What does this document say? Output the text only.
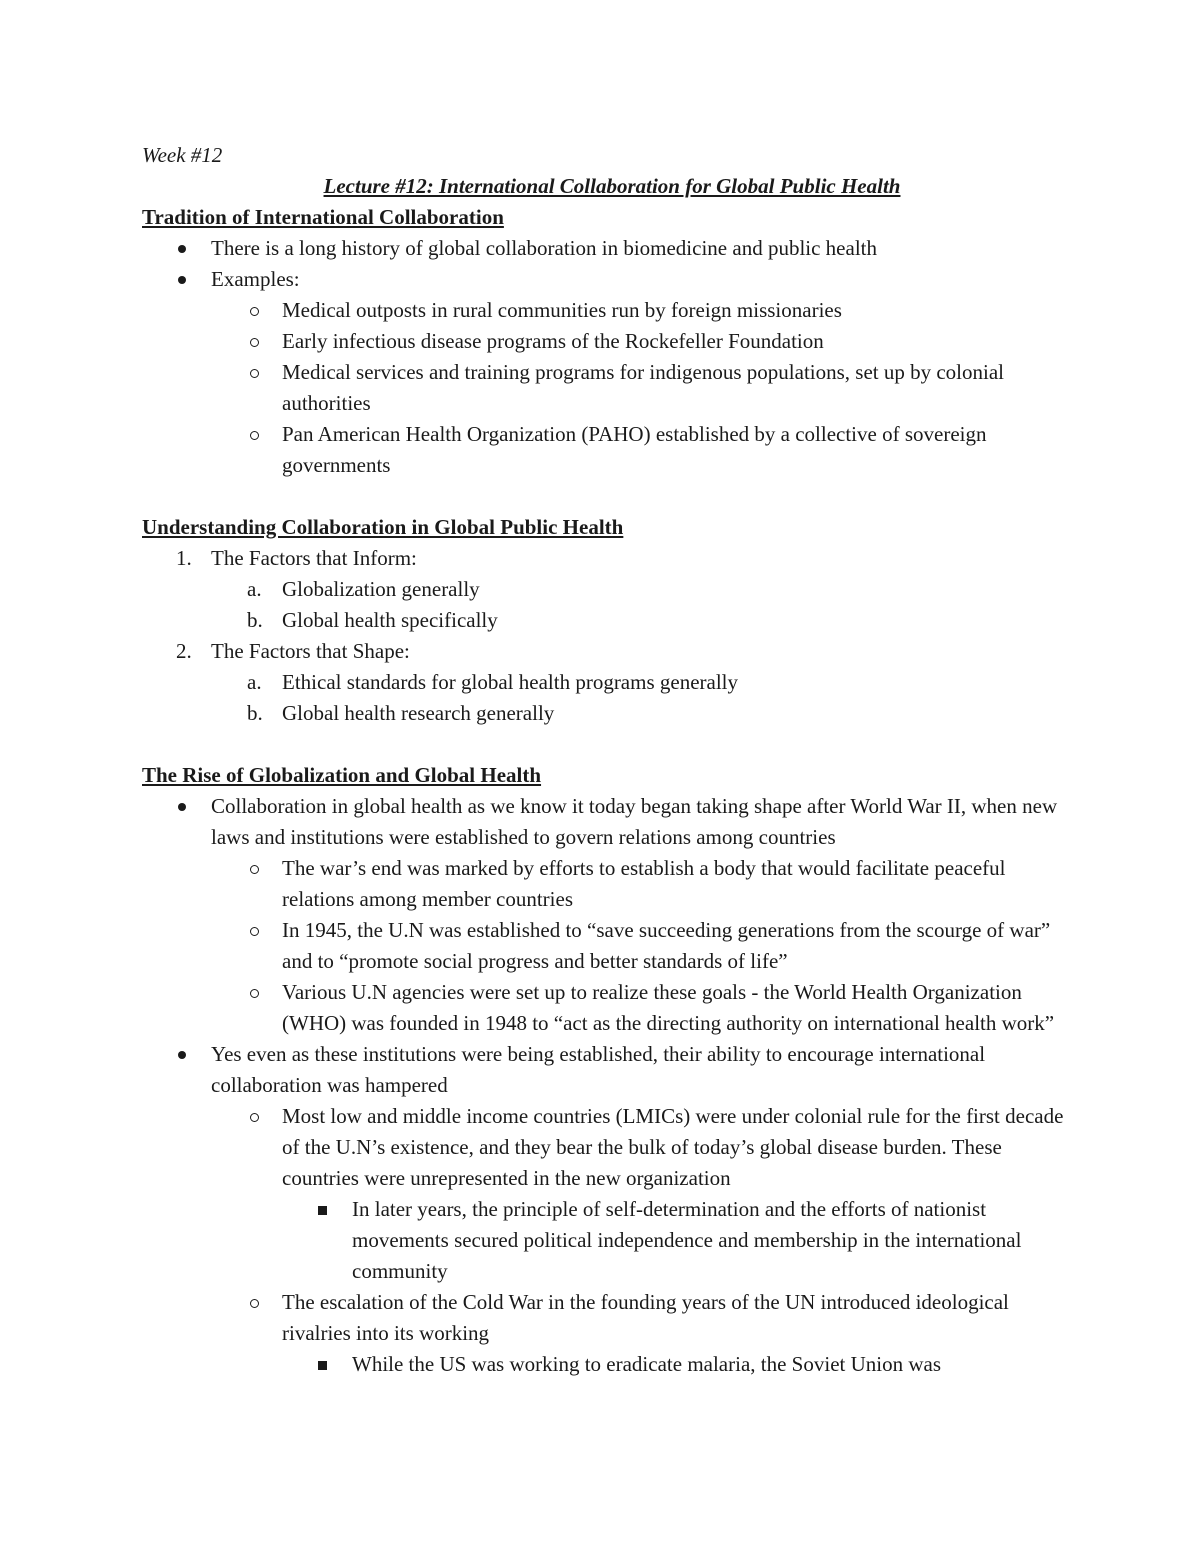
Week #12
Lecture #12: International Collaboration for Global Public Health
Tradition of International Collaboration
There is a long history of global collaboration in biomedicine and public health
Examples:
Medical outposts in rural communities run by foreign missionaries
Early infectious disease programs of the Rockefeller Foundation
Medical services and training programs for indigenous populations, set up by colonial authorities
Pan American Health Organization (PAHO) established by a collective of sovereign governments
Understanding Collaboration in Global Public Health
1. The Factors that Inform:
a. Globalization generally
b. Global health specifically
2. The Factors that Shape:
a. Ethical standards for global health programs generally
b. Global health research generally
The Rise of Globalization and Global Health
Collaboration in global health as we know it today began taking shape after World War II, when new laws and institutions were established to govern relations among countries
The war’s end was marked by efforts to establish a body that would facilitate peaceful relations among member countries
In 1945, the U.N was established to “save succeeding generations from the scourge of war” and to “promote social progress and better standards of life”
Various U.N agencies were set up to realize these goals - the World Health Organization (WHO) was founded in 1948 to “act as the directing authority on international health work”
Yes even as these institutions were being established, their ability to encourage international collaboration was hampered
Most low and middle income countries (LMICs) were under colonial rule for the first decade of the U.N’s existence, and they bear the bulk of today’s global disease burden. These countries were unrepresented in the new organization
In later years, the principle of self-determination and the efforts of nationist movements secured political independence and membership in the international community
The escalation of the Cold War in the founding years of the UN introduced ideological rivalries into its working
While the US was working to eradicate malaria, the Soviet Union was
